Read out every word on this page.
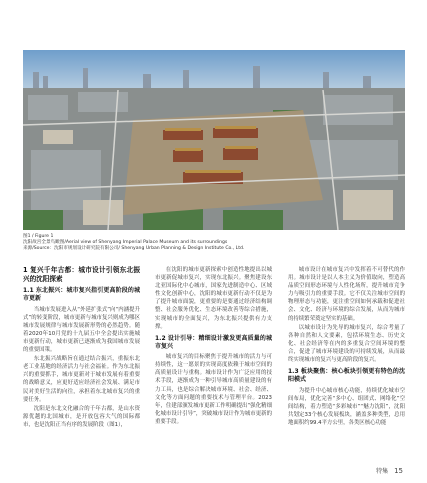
图1 / Figure 1
沈阳故宫全景鸟瞰图/Aerial view of Shenyang Imperial Palace Museum and its surroundings
来源/Source：沈阳市规划设计研究院有限公司/ Shenyang Urban Planning & Design Institute Co., Ltd.
1 复兴千年古都：城市设计引领东北振兴的沈阳探索
1.1 东北振兴：城市复兴指引更高阶段的城市更新

当城市发展进入从“外延扩张式”向“内涵提升式”的转变阶段，城市更新与城市复兴则成为哪区城市发展规律与城市发展新形势的必然趋势。随着2020年10月党的十九届五中全会提出实施城市更新行动，城市更新已逐渐成为我国城市发展的重要国策。

东北振兴战略旨在通过结合振兴，重振东北老工业基地的经济活力与社会福祉。作为东北振兴的重要抓手，城市更新对于城市发展有着重要的战略意义，应更好适应经济社会发展、满足市民对美好生活的向往，承担着东北城市复兴的重要任务。

沈阳是东北文化融合的千年古都，是山水资源优越的北国城市，是开放包容大气的国际都市，也是沈阳正当有序的发展阶段（图1），

在沈阳的城市更新探索中创造性地提出以城市更新促城市复兴，实现东北振兴。聚焦建设东北亚国际化中心城市，国家先进制造中心、区域性文化创新中心，沈阳的城市更新行动不仅是为了提升城市面貌，更重要的是要通过经济结构调整、社会服务优化、生态环境改善等综合措施，实现城市的全面复兴，为东北振兴提供有力支撑。

1.2 设计引导：精细设计激发更高质量的城市复兴

城市复兴的目标聚焦于提升城市的活力与可持续性，这一愿景的实现高度依赖于城市空间的高质量设计与重构。城市设计作为广泛应用的技术手段，逐渐成为一种引导城市高质量建设的有力工具，也是综合解决城市环境、社会、经济、文化等方面问题的重要技术与管理平台。2023年，住建部颁发城市更新工作明确提出“强化精细化城市设计引导”，突破城市设计作为城市更新的重要手段。

城市设计在城市复兴中发挥着不可替代的作用。城市设计是以人本主义为价值取向，塑造高品质空间形态环境与人性化场所，提升城市竞争力与吸引力的重要手段。它不仅关注城市空间的物理形态与功能，更注重空间如何承载和促进社会、文化、经济与环境的综合发展，从而为城市的持续繁荣奠定坚实的基础。

以城市设计为先导的城市复兴，综合考量了各种自然和人文要素，包括环境生态、历史文化、社会经济等在内的多重复合空间环境的整合，促进了城市环境建设的可持续发展，从而最终实现城市的复兴与更高阶段的复兴。

1.3 板块聚焦：核心板块引领更有特色的沈阳模式

为提升中心城市核心功能，持续优化城市空间布局，优化完善“多中心、组团式、网络化”空间结构，着力塑造“多彩城市”“魅力沈阳”，沈阳共划定33个核心发展板块，涵盖多种类型，总用地面积约99.4平方公里，各类区核心功能

特集 15
